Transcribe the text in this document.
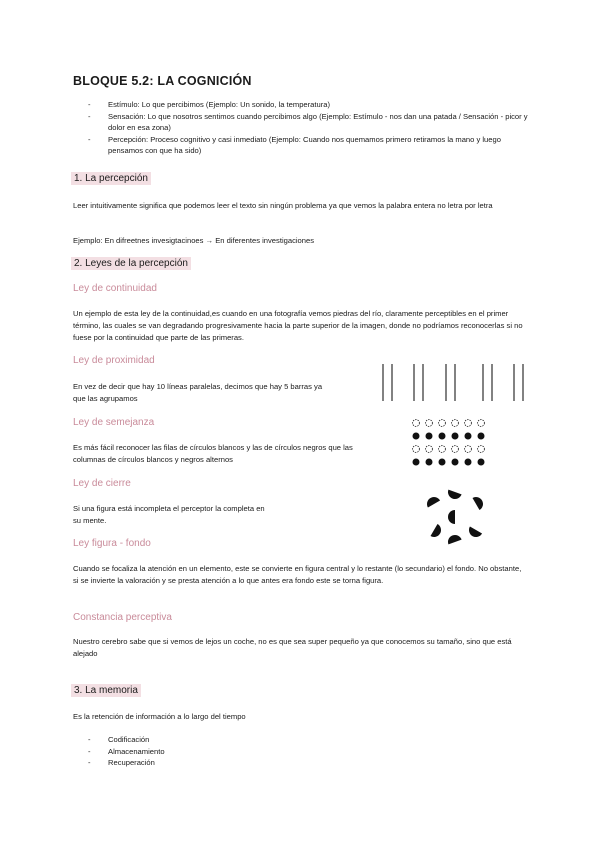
BLOQUE 5.2: LA COGNICIÓN
- Estímulo: Lo que percibimos (Ejemplo: Un sonido, la temperatura)
- Sensación: Lo que nosotros sentimos cuando percibimos algo (Ejemplo: Estímulo - nos dan una patada / Sensación - picor y dolor en esa zona)
- Percepción: Proceso cognitivo y casi inmediato (Ejemplo: Cuando nos quemamos primero retiramos la mano y luego pensamos con que ha sido)
1. La percepción
Leer intuitivamente significa que podemos leer el texto sin ningún problema ya que vemos la palabra entera no letra por letra
Ejemplo: En difreetnes invesigtacinoes → En diferentes investigaciones
2. Leyes de la percepción
Ley de continuidad
Un ejemplo de esta ley de la continuidad,es cuando en una fotografía vemos piedras del río, claramente perceptibles en el primer término, las cuales se van degradando progresivamente hacia la parte superior de la imagen, donde no podríamos reconocerlas si no fuese por la continuidad que parte de las primeras.
Ley de proximidad
En vez de decir que hay 10 líneas paralelas, decimos que hay 5 barras ya que las agrupamos
Ley de semejanza
Es más fácil reconocer las filas de círculos blancos y las de círculos negros que las columnas de círculos blancos y negros alternos
Ley de cierre
Si una figura está incompleta el perceptor la completa en su mente.
Ley figura - fondo
Cuando se focaliza la atención en un elemento, este se convierte en figura central y lo restante (lo secundario) el fondo. No obstante, si se invierte la valoración y se presta atención a lo que antes era fondo este se torna figura.
Constancia perceptiva
Nuestro cerebro sabe que si vemos de lejos un coche, no es que sea super pequeño ya que conocemos su tamaño, sino que está alejado
3. La memoria
Es la retención de información a lo largo del tiempo
- Codificación
- Almacenamiento
- Recuperación
